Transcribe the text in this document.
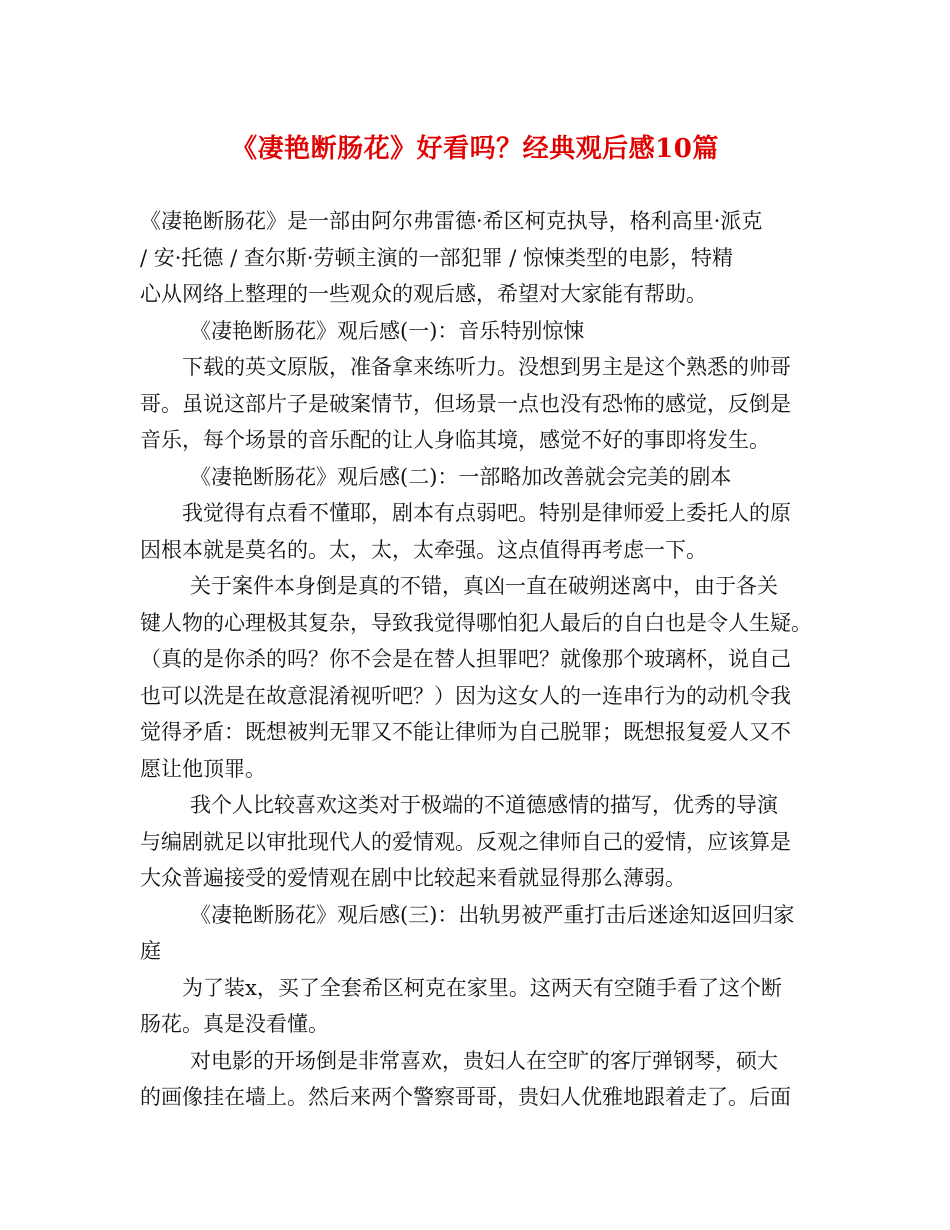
《凄艳断肠花》好看吗？经典观后感10篇
《凄艳断肠花》是一部由阿尔弗雷德·希区柯克执导，格利高里·派克
/ 安·托德 / 查尔斯·劳顿主演的一部犯罪 / 惊悚类型的电影，特精
心从网络上整理的一些观众的观后感，希望对大家能有帮助。
《凄艳断肠花》观后感(一)：音乐特别惊悚
下载的英文原版，准备拿来练听力。没想到男主是这个熟悉的帅哥
哥。虽说这部片子是破案情节，但场景一点也没有恐怖的感觉，反倒是
音乐，每个场景的音乐配的让人身临其境，感觉不好的事即将发生。
《凄艳断肠花》观后感(二)：一部略加改善就会完美的剧本
我觉得有点看不懂耶，剧本有点弱吧。特别是律师爱上委托人的原
因根本就是莫名的。太，太，太牵强。这点值得再考虑一下。
关于案件本身倒是真的不错，真凶一直在破朔迷离中，由于各关
键人物的心理极其复杂，导致我觉得哪怕犯人最后的自白也是令人生疑。
（真的是你杀的吗？你不会是在替人担罪吧？就像那个玻璃杯，说自己
也可以洗是在故意混淆视听吧？）因为这女人的一连串行为的动机令我
觉得矛盾：既想被判无罪又不能让律师为自己脱罪；既想报复爱人又不
愿让他顶罪。
我个人比较喜欢这类对于极端的不道德感情的描写，优秀的导演
与编剧就足以审批现代人的爱情观。反观之律师自己的爱情，应该算是
大众普遍接受的爱情观在剧中比较起来看就显得那么薄弱。
《凄艳断肠花》观后感(三)：出轨男被严重打击后迷途知返回归家
庭
为了装x，买了全套希区柯克在家里。这两天有空随手看了这个断
肠花。真是没看懂。
对电影的开场倒是非常喜欢，贵妇人在空旷的客厅弹钢琴，硕大
的画像挂在墙上。然后来两个警察哥哥，贵妇人优雅地跟着走了。后面
